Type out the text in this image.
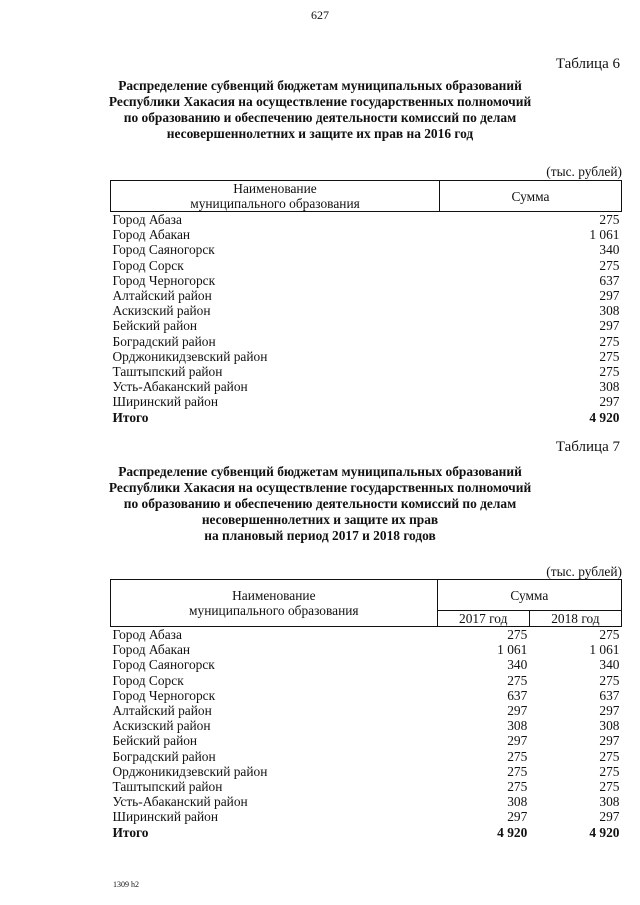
627
Таблица 6
Распределение субвенций бюджетам муниципальных образований
Республики Хакасия на осуществление государственных полномочий
по образованию и обеспечению деятельности комиссий по делам
несовершеннолетних и защите их прав на 2016 год
(тыс. рублей)
Наименование
муниципального образования	Сумма
Город Абаза	275
Город Абакан	1 061
Город Саяногорск	340
Город Сорск	275
Город Черногорск	637
Алтайский район	297
Аскизский район	308
Бейский район	297
Боградский район	275
Орджоникидзевский район	275
Таштыпский район	275
Усть-Абаканский район	308
Ширинский район	297
Итого	4 920
Таблица 7
Распределение субвенций бюджетам муниципальных образований
Республики Хакасия на осуществление государственных полномочий
по образованию и обеспечению деятельности комиссий по делам
несовершеннолетних и защите их прав
на плановый период 2017 и 2018 годов
(тыс. рублей)
Наименование
муниципального образования	Сумма	
	2017 год	2018 год
Город Абаза	275	275
Город Абакан	1 061	1 061
Город Саяногорск	340	340
Город Сорск	275	275
Город Черногорск	637	637
Алтайский район	297	297
Аскизский район	308	308
Бейский район	297	297
Боградский район	275	275
Орджоникидзевский район	275	275
Таштыпский район	275	275
Усть-Абаканский район	308	308
Ширинский район	297	297
Итого	4 920	4 920
1309 h2
